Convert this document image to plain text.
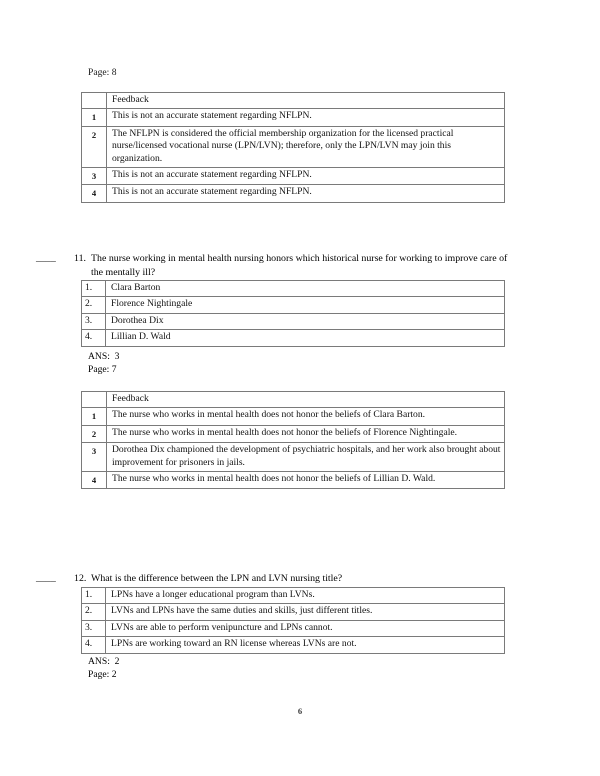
Page: 8
	Feedback
1	This is not an accurate statement regarding NFLPN.
2	The NFLPN is considered the official membership organization for the licensed practical nurse/licensed vocational nurse (LPN/LVN); therefore, only the LPN/LVN may join this organization.
3	This is not an accurate statement regarding NFLPN.
4	This is not an accurate statement regarding NFLPN.
____ 11. The nurse working in mental health nursing honors which historical nurse for working to improve care of the mentally ill?
1.	Clara Barton
2.	Florence Nightingale
3.	Dorothea Dix
4.	Lillian D. Wald
ANS:  3
Page: 7
	Feedback
1	The nurse who works in mental health does not honor the beliefs of Clara Barton.
2	The nurse who works in mental health does not honor the beliefs of Florence Nightingale.
3	Dorothea Dix championed the development of psychiatric hospitals, and her work also brought about improvement for prisoners in jails.
4	The nurse who works in mental health does not honor the beliefs of Lillian D. Wald.
____ 12. What is the difference between the LPN and LVN nursing title?
1.	LPNs have a longer educational program than LVNs.
2.	LVNs and LPNs have the same duties and skills, just different titles.
3.	LVNs are able to perform venipuncture and LPNs cannot.
4.	LPNs are working toward an RN license whereas LVNs are not.
ANS:  2
Page: 2
6
